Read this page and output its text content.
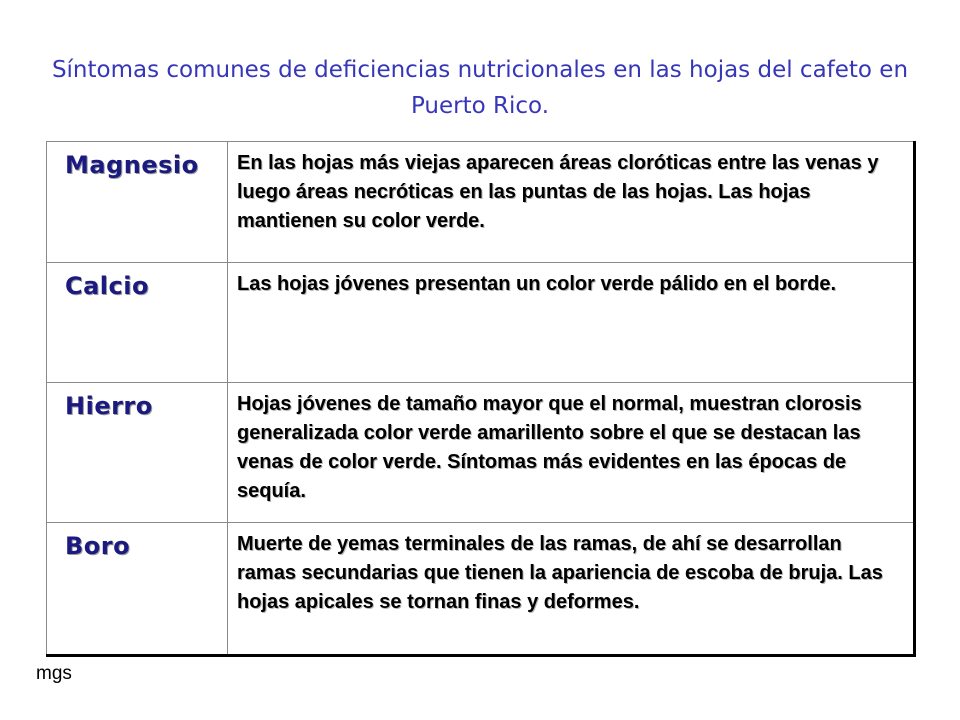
Síntomas comunes de deficiencias nutricionales en las hojas del cafeto en Puerto Rico.
Magnesio	En las hojas más viejas aparecen áreas cloróticas entre las venas y luego áreas necróticas en las puntas de las hojas. Las hojas mantienen su color verde.

Calcio	Las hojas jóvenes presentan un color verde pálido en el borde.

Hierro	Hojas jóvenes de tamaño mayor que el normal, muestran clorosis generalizada color verde amarillento sobre el que se destacan las venas de color verde. Síntomas más evidentes en las épocas de sequía.

Boro	Muerte de yemas terminales de las ramas, de ahí se desarrollan ramas secundarias que tienen la apariencia de escoba de bruja. Las hojas apicales se tornan finas y deformes.
mgs
